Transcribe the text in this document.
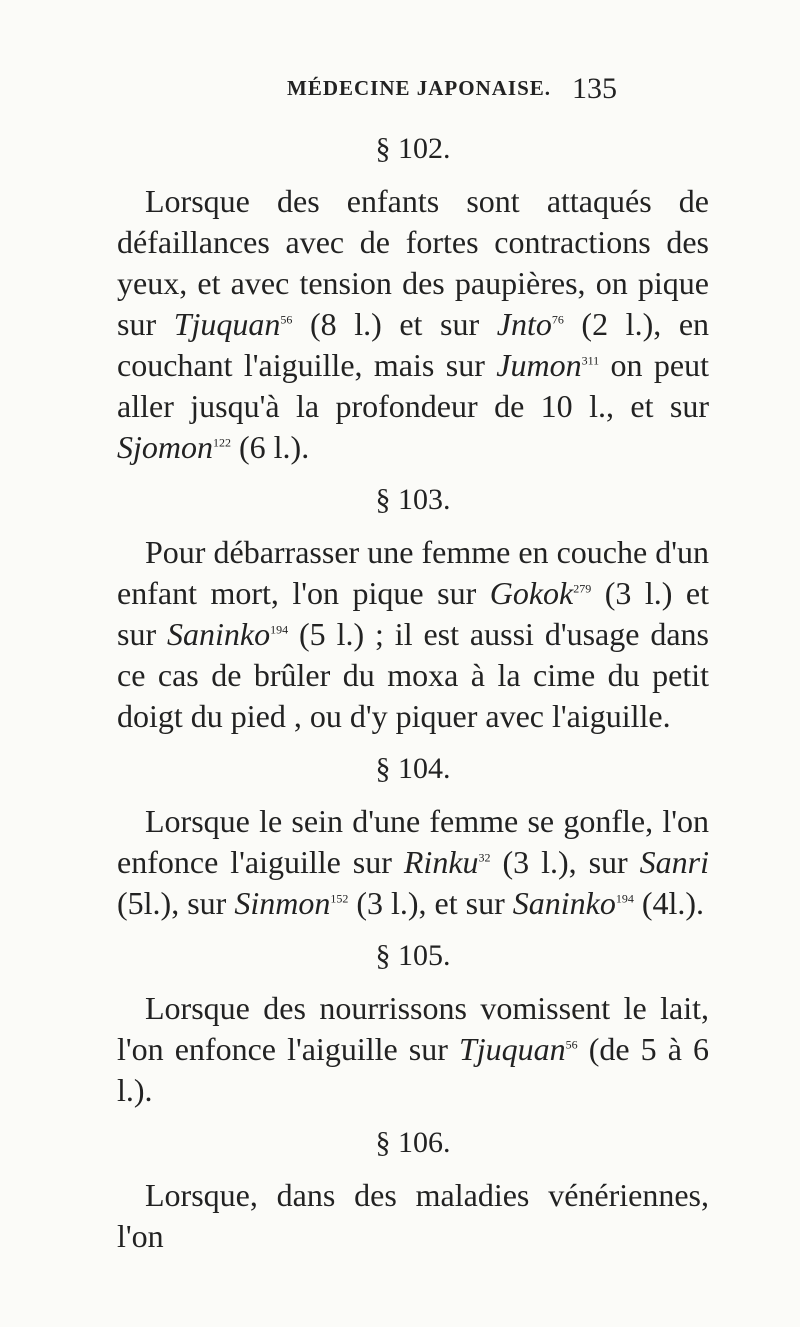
MÉDECINE JAPONAISE. 135
§ 102.

Lorsque des enfants sont attaqués de défaillances avec de fortes contractions des yeux, et avec tension des paupières, on pique sur Tjuquan$^{56}$ (8 l.) et sur Jnto$^{76}$ (2 l.), en couchant l'aiguille, mais sur Jumon$^{311}$ on peut aller jusqu'à la profondeur de 10 l., et sur Sjomon$^{122}$ (6 l.).

§ 103.

Pour débarrasser une femme en couche d'un enfant mort, l'on pique sur Gokok$^{279}$ (3 l.) et sur Saninko$^{194}$ (5 l.) ; il est aussi d'usage dans ce cas de brûler du moxa à la cime du petit doigt du pied , ou d'y piquer avec l'aiguille.

§ 104.

Lorsque le sein d'une femme se gonfle, l'on enfonce l'aiguille sur Rinku$^{32}$ (3 l.), sur Sanri (5l.), sur Sinmon$^{152}$ (3 l.), et sur Saninko$^{194}$ (4l.).

§ 105.

Lorsque des nourrissons vomissent le lait, l'on enfonce l'aiguille sur Tjuquan$^{56}$ (de 5 à 6 l.).

§ 106.

Lorsque, dans des maladies vénériennes, l'on
